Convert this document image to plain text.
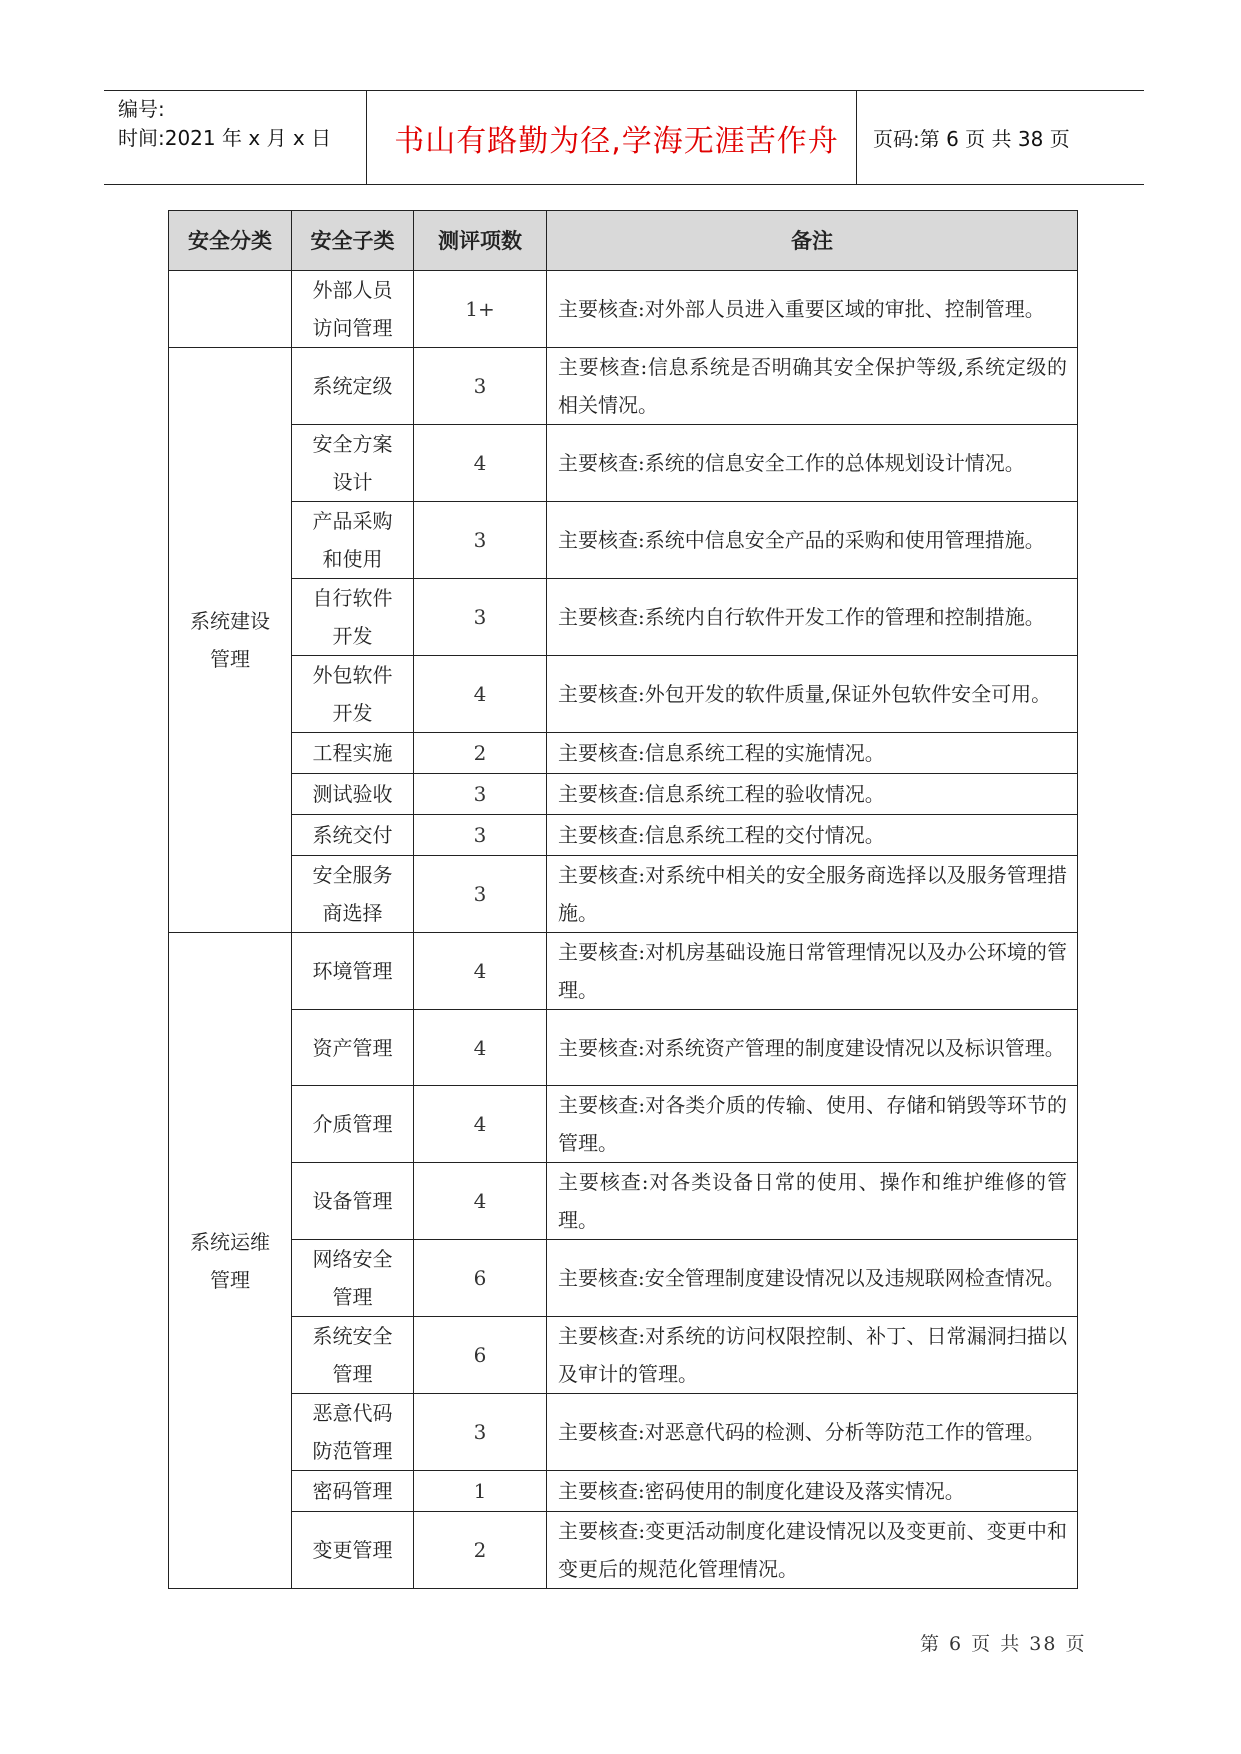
编号:
时间:2021 年 x 月 x 日	书山有路勤为径,学海无涯苦作舟	页码:第 6 页 共 38 页
安全分类	安全子类	测评项数	备注
	外部人员访问管理	1+	主要核查:对外部人员进入重要区域的审批、控制管理。
系统建设管理	系统定级	3	主要核查:信息系统是否明确其安全保护等级,系统定级的相关情况。
	安全方案设计	4	主要核查:系统的信息安全工作的总体规划设计情况。
	产品采购和使用	3	主要核查:系统中信息安全产品的采购和使用管理措施。
	自行软件开发	3	主要核查:系统内自行软件开发工作的管理和控制措施。
	外包软件开发	4	主要核查:外包开发的软件质量,保证外包软件安全可用。
	工程实施	2	主要核查:信息系统工程的实施情况。
	测试验收	3	主要核查:信息系统工程的验收情况。
	系统交付	3	主要核查:信息系统工程的交付情况。
	安全服务商选择	3	主要核查:对系统中相关的安全服务商选择以及服务管理措施。
系统运维管理	环境管理	4	主要核查:对机房基础设施日常管理情况以及办公环境的管理。
	资产管理	4	主要核查:对系统资产管理的制度建设情况以及标识管理。
	介质管理	4	主要核查:对各类介质的传输、使用、存储和销毁等环节的管理。
	设备管理	4	主要核查:对各类设备日常的使用、操作和维护维修的管理。
	网络安全管理	6	主要核查:安全管理制度建设情况以及违规联网检查情况。
	系统安全管理	6	主要核查:对系统的访问权限控制、补丁、日常漏洞扫描以及审计的管理。
	恶意代码防范管理	3	主要核查:对恶意代码的检测、分析等防范工作的管理。
	密码管理	1	主要核查:密码使用的制度化建设及落实情况。
	变更管理	2	主要核查:变更活动制度化建设情况以及变更前、变更中和变更后的规范化管理情况。
第 6 页 共 38 页
